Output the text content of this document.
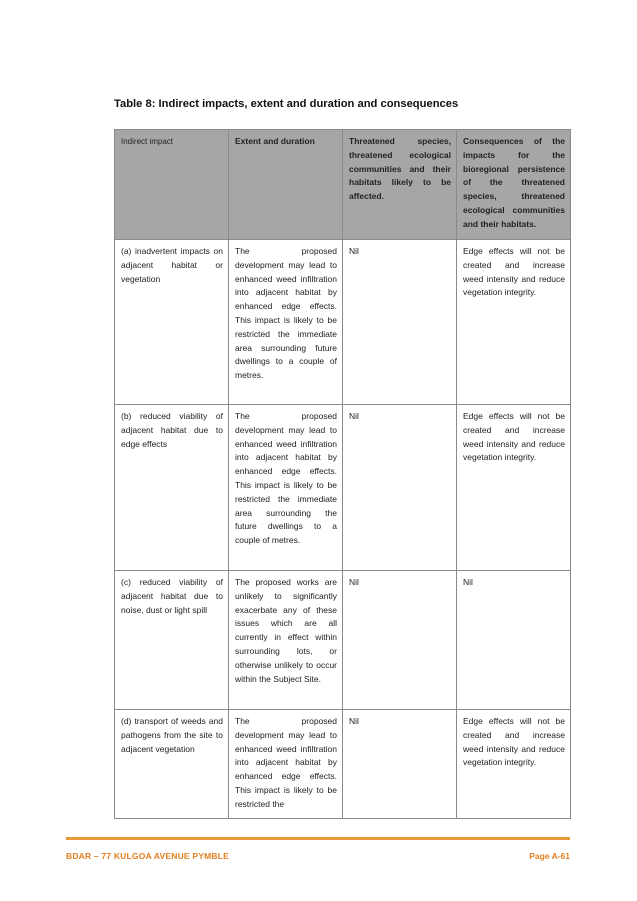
Table 8: Indirect impacts, extent and duration and consequences
Indirect impact	Extent and duration	Threatened species, threatened ecological communities and their habitats likely to be affected.	Consequences of the impacts for the bioregional persistence of the threatened species, threatened ecological communities and their habitats.
(a) inadvertent impacts on adjacent habitat or vegetation	The proposed development may lead to enhanced weed infiltration into adjacent habitat by enhanced edge effects. This impact is likely to be restricted the immediate area surrounding future dwellings to a couple of metres.	Nil	Edge effects will not be created and increase weed intensity and reduce vegetation integrity.
(b) reduced viability of adjacent habitat due to edge effects	The proposed development may lead to enhanced weed infiltration into adjacent habitat by enhanced edge effects. This impact is likely to be restricted the immediate area surrounding the future dwellings to a couple of metres.	Nil	Edge effects will not be created and increase weed intensity and reduce vegetation integrity.
(c) reduced viability of adjacent habitat due to noise, dust or light spill	The proposed works are unlikely to significantly exacerbate any of these issues which are all currently in effect within surrounding lots, or otherwise unlikely to occur within the Subject Site.	Nil	Nil
(d) transport of weeds and pathogens from the site to adjacent vegetation	The proposed development may lead to enhanced weed infiltration into adjacent habitat by enhanced edge effects. This impact is likely to be restricted the	Nil	Edge effects will not be created and increase weed intensity and reduce vegetation integrity.
BDAR – 77 KULGOA AVENUE PYMBLE	Page A-61
